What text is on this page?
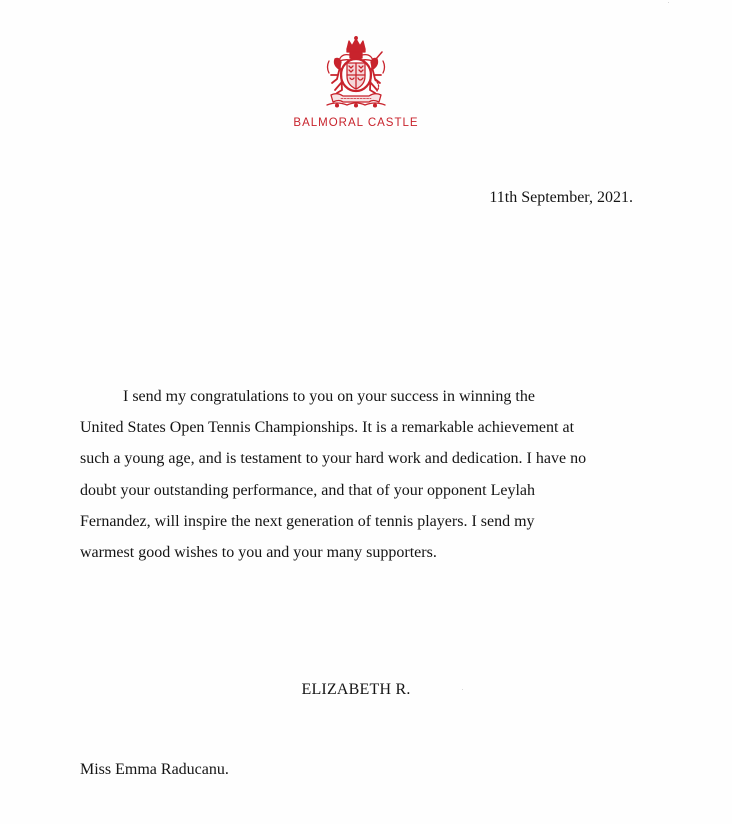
BALMORAL CASTLE
11th September, 2021.

I send my congratulations to you on your success in winning the
United States Open Tennis Championships. It is a remarkable achievement at
such a young age, and is testament to your hard work and dedication. I have no
doubt your outstanding performance, and that of your opponent Leylah
Fernandez, will inspire the next generation of tennis players. I send my
warmest good wishes to you and your many supporters.

ELIZABETH R.
Miss Emma Raducanu.
